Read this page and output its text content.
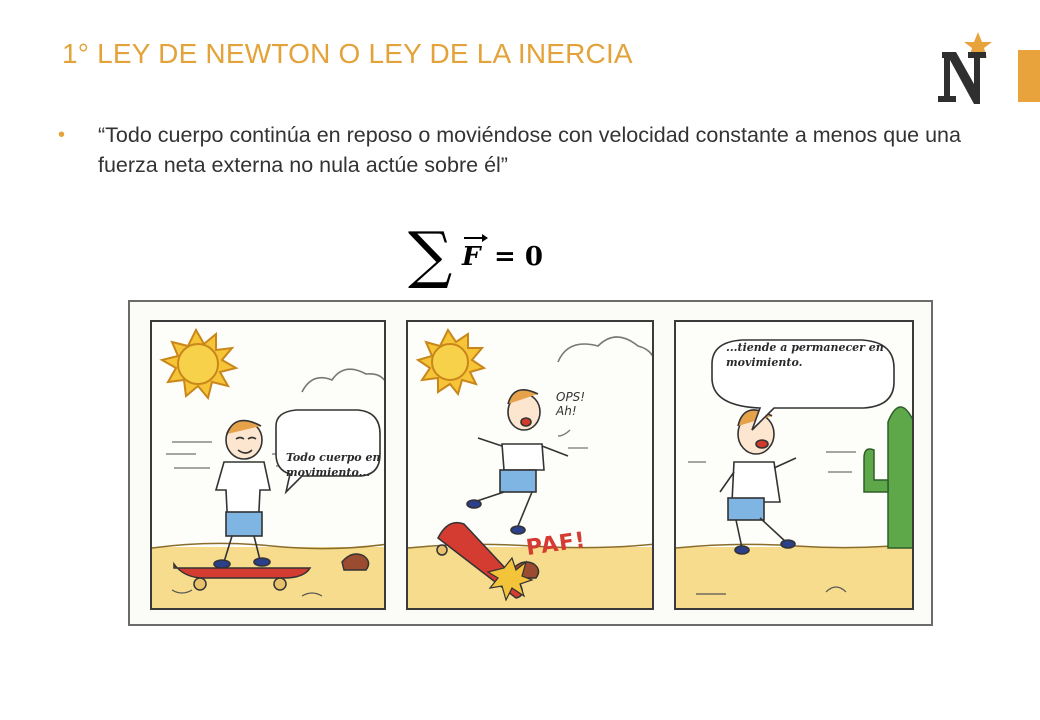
1° LEY DE NEWTON O LEY DE LA INERCIA
•	“Todo cuerpo continúa en reposo o moviéndose con velocidad constante a menos que una fuerza neta externa no nula actúe sobre él”
∑ F = 0
Todo cuerpo en
movimiento...
OPS!
Ah!
PAF!
...tiende a permanecer en
movimiento.
